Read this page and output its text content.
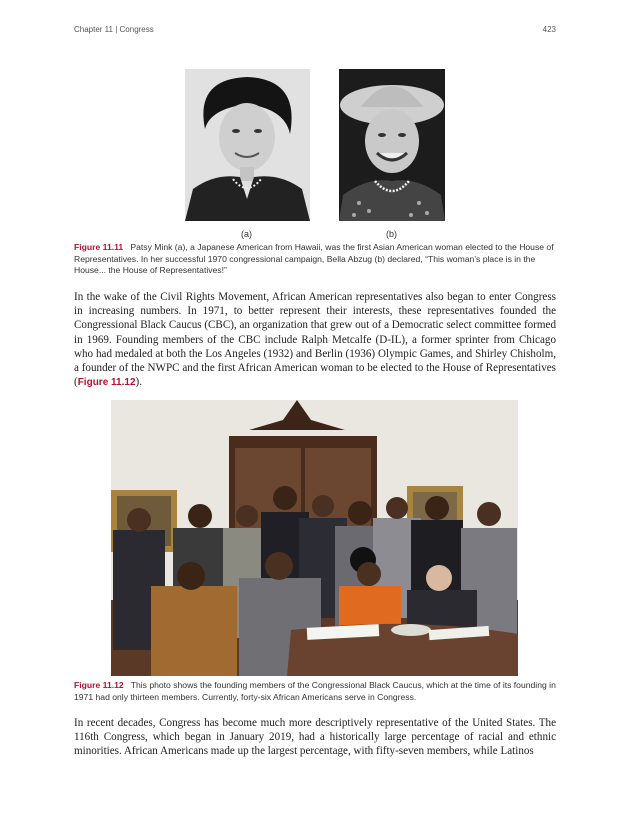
Chapter 11 | Congress	423
(a)	(b)
Figure 11.11 Patsy Mink (a), a Japanese American from Hawaii, was the first Asian American woman elected to the House of Representatives. In her successful 1970 congressional campaign, Bella Abzug (b) declared, “This woman’s place is in the House... the House of Representatives!”
In the wake of the Civil Rights Movement, African American representatives also began to enter Congress in increasing numbers. In 1971, to better represent their interests, these representatives founded the Congressional Black Caucus (CBC), an organization that grew out of a Democratic select committee formed in 1969. Founding members of the CBC include Ralph Metcalfe (D-IL), a former sprinter from Chicago who had medaled at both the Los Angeles (1932) and Berlin (1936) Olympic Games, and Shirley Chisholm, a founder of the NWPC and the first African American woman to be elected to the House of Representatives (Figure 11.12).
Figure 11.12 This photo shows the founding members of the Congressional Black Caucus, which at the time of its founding in 1971 had only thirteen members. Currently, forty-six African Americans serve in Congress.
In recent decades, Congress has become much more descriptively representative of the United States. The 116th Congress, which began in January 2019, had a historically large percentage of racial and ethnic minorities. African Americans made up the largest percentage, with fifty-seven members, while Latinos
